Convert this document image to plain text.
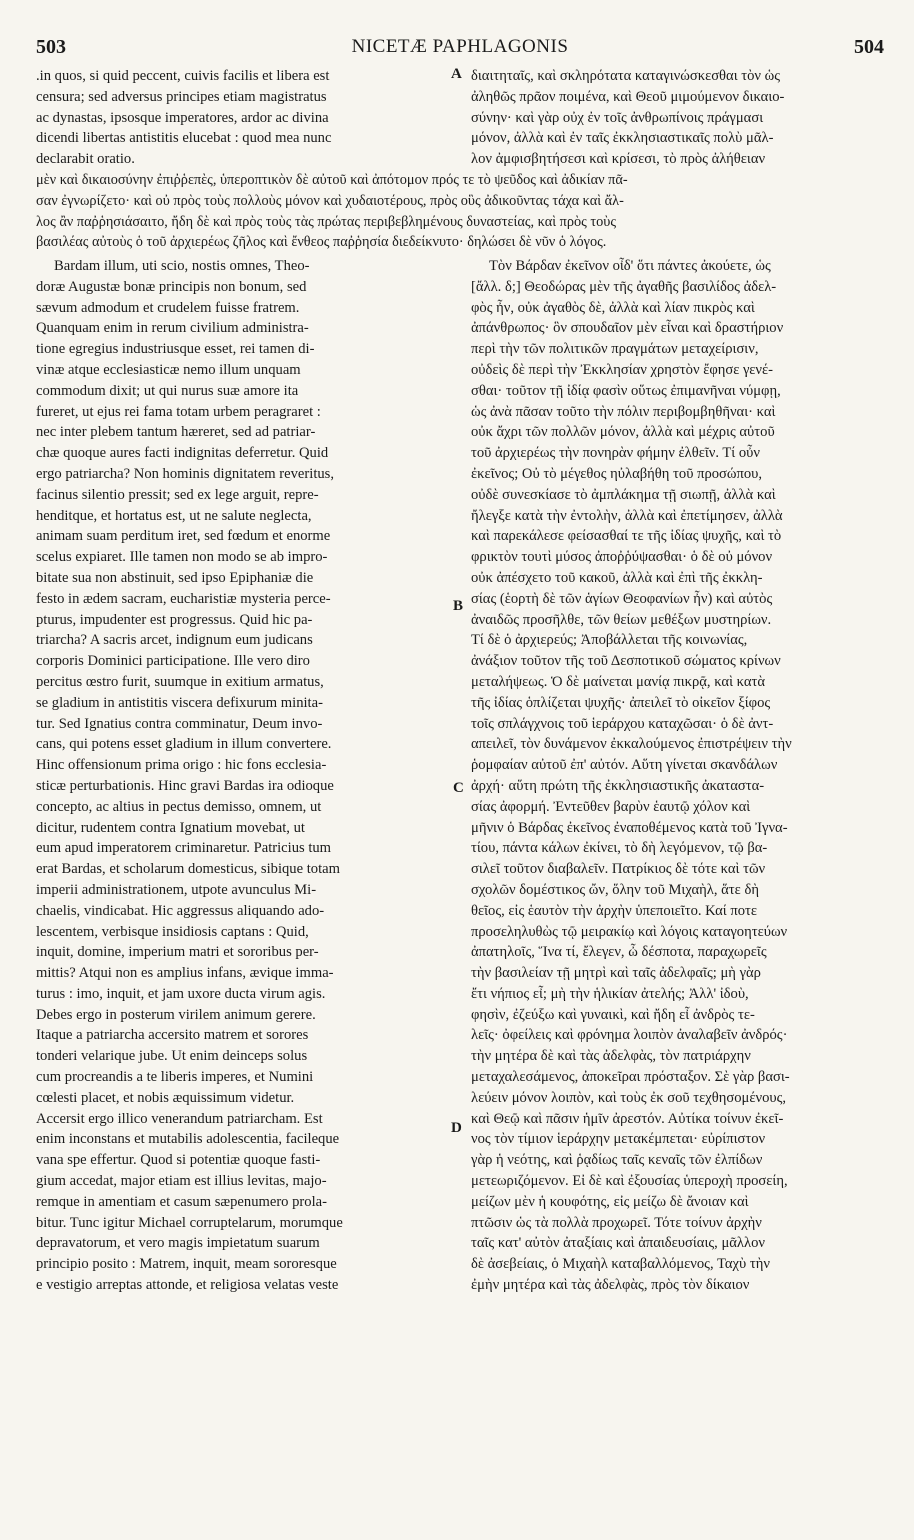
503	NICETÆ PAPHLAGONIS	504
A
B
C
D
.in quos, si quid peccent, cuivis facilis et libera est
censura; sed adversus principes etiam magistratus
ac dynastas, ipsosque imperatores, ardor ac divina
dicendi libertas antistitis elucebat : quod mea nunc
declarabit oratio.
διαιτηταῖς, καὶ σκληρότατα καταγινώσκεσθαι τὸν ὡς
ἀληθῶς πρᾶον ποιμένα, καὶ Θεοῦ μιμούμενον δικαιο-
σύνην· καὶ γὰρ οὐχ ἐν τοῖς ἀνθρωπίνοις πράγμασι
μόνον, ἀλλὰ καὶ ἐν ταῖς ἐκκλησιαστικαῖς πολὺ μᾶλ-
λον ἀμφισβητήσεσι καὶ κρίσεσι, τὸ πρὸς ἀλήθειαν
μὲν καὶ δικαιοσύνην ἐπιῤῥεπὲς, ὑπεροπτικὸν δὲ αὐτοῦ καὶ ἀπότομον πρός τε τὸ ψεῦδος καὶ ἀδικίαν πᾶ-
σαν ἐγνωρίζετο· καὶ οὐ πρὸς τοὺς πολλοὺς μόνον καὶ χυδαιοτέρους, πρὸς οὓς ἀδικοῦντας τάχα καὶ ἄλ-
λος ἂν παῤῥησιάσαιτο, ἤδη δὲ καὶ πρὸς τοὺς τὰς πρώτας περιβεβλημένους δυναστείας, καὶ πρὸς τοὺς
βασιλέας αὐτοὺς ὁ τοῦ ἀρχιερέως ζῆλος καὶ ἔνθεος παῤῥησία διεδείκνυτο· δηλώσει δὲ νῦν ὁ λόγος.
Bardam illum, uti scio, nostis omnes, Theo-
doræ Augustæ bonæ principis non bonum, sed
sævum admodum et crudelem fuisse fratrem.
Quanquam enim in rerum civilium administra-
tione egregius industriusque esset, rei tamen di-
vinæ atque ecclesiasticæ nemo illum unquam
commodum dixit; ut qui nurus suæ amore ita
fureret, ut ejus rei fama totam urbem peragraret :
nec inter plebem tantum hæreret, sed ad patriar-
chæ quoque aures facti indignitas deferretur. Quid
ergo patriarcha? Non hominis dignitatem reveritus,
facinus silentio pressit; sed ex lege arguit, repre-
henditque, et hortatus est, ut ne salute neglecta,
animam suam perditum iret, sed fœdum et enorme
scelus expiaret. Ille tamen non modo se ab impro-
bitate sua non abstinuit, sed ipso Epiphaniæ die
festo in ædem sacram, eucharistiæ mysteria perce-
pturus, impudenter est progressus. Quid hic pa-
triarcha? A sacris arcet, indignum eum judicans
corporis Dominici participatione. Ille vero diro
percitus œstro furit, suumque in exitium armatus,
se gladium in antistitis viscera defixurum minita-
tur. Sed Ignatius contra comminatur, Deum invo-
cans, qui potens esset gladium in illum convertere.
Hinc offensionum prima origo : hic fons ecclesia-
sticæ perturbationis. Hinc gravi Bardas ira odioque
concepto, ac altius in pectus demisso, omnem, ut
dicitur, rudentem contra Ignatium movebat, ut
eum apud imperatorem criminaretur. Patricius tum
erat Bardas, et scholarum domesticus, sibique totam
imperii administrationem, utpote avunculus Mi-
chaelis, vindicabat. Hic aggressus aliquando ado-
lescentem, verbisque insidiosis captans : Quid,
inquit, domine, imperium matri et sororibus per-
mittis? Atqui non es amplius infans, ævique imma-
turus : imo, inquit, et jam uxore ducta virum agis.
Debes ergo in posterum virilem animum gerere.
Itaque a patriarcha accersito matrem et sorores
tonderi velarique jube. Ut enim deinceps solus
cum procreandis a te liberis imperes, et Numini
cœlesti placet, et nobis æquissimum videtur.
Accersit ergo illico venerandum patriarcham. Est
enim inconstans et mutabilis adolescentia, facileque
vana spe effertur. Quod si potentiæ quoque fasti-
gium accedat, major etiam est illius levitas, majo-
remque in amentiam et casum sæpenumero prola-
bitur. Tunc igitur Michael corruptelarum, morumque
depravatorum, et vero magis impietatum suarum
principio posito : Matrem, inquit, meam sororesque
e vestigio arreptas attonde, et religiosa velatas veste
Τὸν Βάρδαν ἐκεῖνον οἶδ' ὅτι πάντες ἀκούετε, ὡς
[ἄλλ. δ;] Θεοδώρας μὲν τῆς ἀγαθῆς βασιλίδος ἀδελ-
φὸς ἦν, οὐκ ἀγαθὸς δὲ, ἀλλὰ καὶ λίαν πικρὸς καὶ
ἀπάνθρωπος· ὃν σπουδαῖον μὲν εἶναι καὶ δραστήριον
περὶ τὴν τῶν πολιτικῶν πραγμάτων μεταχείρισιν,
οὐδεὶς δὲ περὶ τὴν Ἐκκλησίαν χρηστὸν ἔφησε γενέ-
σθαι· τοῦτον τῇ ἰδίᾳ φασὶν οὕτως ἐπιμανῆναι νύμφῃ,
ὡς ἀνὰ πᾶσαν τοῦτο τὴν πόλιν περιβομβηθῆναι· καὶ
οὐκ ἄχρι τῶν πολλῶν μόνον, ἀλλὰ καὶ μέχρις αὐτοῦ
τοῦ ἀρχιερέως τὴν πονηρὰν φήμην ἐλθεῖν. Τί οὖν
ἐκεῖνος; Οὐ τὸ μέγεθος ηὐλαβήθη τοῦ προσώπου,
οὐδὲ συνεσκίασε τὸ ἀμπλάκημα τῇ σιωπῇ, ἀλλὰ καὶ
ἤλεγξε κατὰ τὴν ἐντολὴν, ἀλλὰ καὶ ἐπετίμησεν, ἀλλὰ
καὶ παρεκάλεσε φείσασθαί τε τῆς ἰδίας ψυχῆς, καὶ τὸ
φρικτὸν τουτὶ μύσος ἀποῤῥύψασθαι· ὁ δὲ οὐ μόνον
οὐκ ἀπέσχετο τοῦ κακοῦ, ἀλλὰ καὶ ἐπὶ τῆς ἐκκλη-
σίας (ἑορτὴ δὲ τῶν ἁγίων Θεοφανίων ἦν) καὶ αὐτὸς
ἀναιδῶς προσῆλθε, τῶν θείων μεθέξων μυστηρίων.
Τί δὲ ὁ ἀρχιερεύς; Ἀποβάλλεται τῆς κοινωνίας,
ἀνάξιον τοῦτον τῆς τοῦ Δεσποτικοῦ σώματος κρίνων
μεταλήψεως. Ὁ δὲ μαίνεται μανίᾳ πικρᾷ, καὶ κατὰ
τῆς ἰδίας ὁπλίζεται ψυχῆς· ἀπειλεῖ τὸ οἰκεῖον ξίφος
τοῖς σπλάγχνοις τοῦ ἱεράρχου καταχῶσαι· ὁ δὲ ἀντ-
απειλεῖ, τὸν δυνάμενον ἐκκαλούμενος ἐπιστρέψειν τὴν
ῥομφαίαν αὐτοῦ ἐπ' αὐτόν. Αὕτη γίνεται σκανδάλων
ἀρχή· αὕτη πρώτη τῆς ἐκκλησιαστικῆς ἀκαταστα-
σίας ἀφορμή. Ἐντεῦθεν βαρὺν ἑαυτῷ χόλον καὶ
μῆνιν ὁ Βάρδας ἐκεῖνος ἐναποθέμενος κατὰ τοῦ Ἰγνα-
τίου, πάντα κάλων ἐκίνει, τὸ δὴ λεγόμενον, τῷ βα-
σιλεῖ τοῦτον διαβαλεῖν. Πατρίκιος δὲ τότε καὶ τῶν
σχολῶν δομέστικος ὤν, ὅλην τοῦ Μιχαὴλ, ἅτε δὴ
θεῖος, εἰς ἑαυτὸν τὴν ἀρχὴν ὑπεποιεῖτο. Καί ποτε
προσεληλυθὼς τῷ μειρακίῳ καὶ λόγοις καταγοητεύων
ἀπατηλοῖς, Ἵνα τί, ἔλεγεν, ὦ δέσποτα, παραχωρεῖς
τὴν βασιλείαν τῇ μητρὶ καὶ ταῖς ἀδελφαῖς; μὴ γὰρ
ἔτι νήπιος εἶ; μὴ τὴν ἡλικίαν ἀτελής; Ἀλλ' ἰδοὺ,
φησὶν, ἐζεύξω καὶ γυναικὶ, καὶ ἤδη εἶ ἀνδρὸς τε-
λεῖς· ὀφείλεις καὶ φρόνημα λοιπὸν ἀναλαβεῖν ἀνδρός·
τὴν μητέρα δὲ καὶ τὰς ἀδελφὰς, τὸν πατριάρχην
μεταχαλεσάμενος, ἀποκεῖραι πρόσταξον. Σὲ γὰρ βασι-
λεύειν μόνον λοιπὸν, καὶ τοὺς ἐκ σοῦ τεχθησομένους,
καὶ Θεῷ καὶ πᾶσιν ἡμῖν ἀρεστόν. Αὐτίκα τοίνυν ἐκεῖ-
νος τὸν τίμιον ἱεράρχην μετακέμπεται· εὐρίπιστον
γὰρ ἡ νεότης, καὶ ῥᾳδίως ταῖς κεναῖς τῶν ἐλπίδων
μετεωριζόμενον. Εἰ δὲ καὶ ἐξουσίας ὑπεροχὴ προσείη,
μείζων μὲν ἡ κουφότης, εἰς μείζω δὲ ἄνοιαν καὶ
πτῶσιν ὡς τὰ πολλὰ προχωρεῖ. Τότε τοίνυν ἀρχὴν
ταῖς κατ' αὐτὸν ἀταξίαις καὶ ἀπαιδευσίαις, μᾶλλον
δὲ ἀσεβείαις, ὁ Μιχαὴλ καταβαλλόμενος, Ταχὺ τὴν
ἐμὴν μητέρα καὶ τὰς ἀδελφὰς, πρὸς τὸν δίκαιον
